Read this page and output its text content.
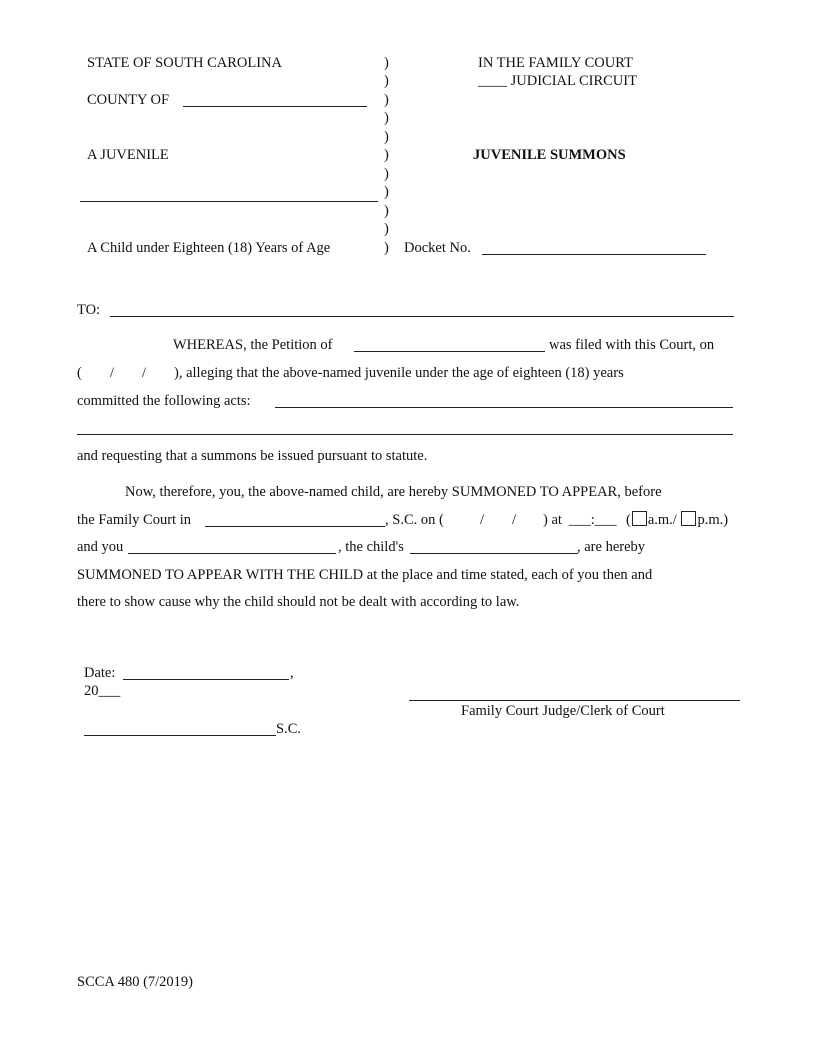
STATE OF SOUTH CAROLINA
COUNTY OF
A JUVENILE
A Child under Eighteen (18) Years of Age
)
)
)
)
)
)
)
)
)
)
)
IN THE FAMILY COURT
____ JUDICIAL CIRCUIT
JUVENILE SUMMONS
Docket No.
TO:
WHEREAS, the Petition of	was filed with this Court, on
( / / ), alleging that the above-named juvenile under the age of eighteen (18) years
committed the following acts:
and requesting that a summons be issued pursuant to statute.
Now, therefore, you, the above-named child, are hereby SUMMONED TO APPEAR, before
the Family Court in	, S.C. on ( / / ) at ___:___ ( a.m./ p.m.)
and you	, the child's	, are hereby
SUMMONED TO APPEAR WITH THE CHILD at the place and time stated, each of you then and
there to show cause why the child should not be dealt with according to law.
Date:	,
20___
Family Court Judge/Clerk of Court
S.C.
SCCA 480 (7/2019)
